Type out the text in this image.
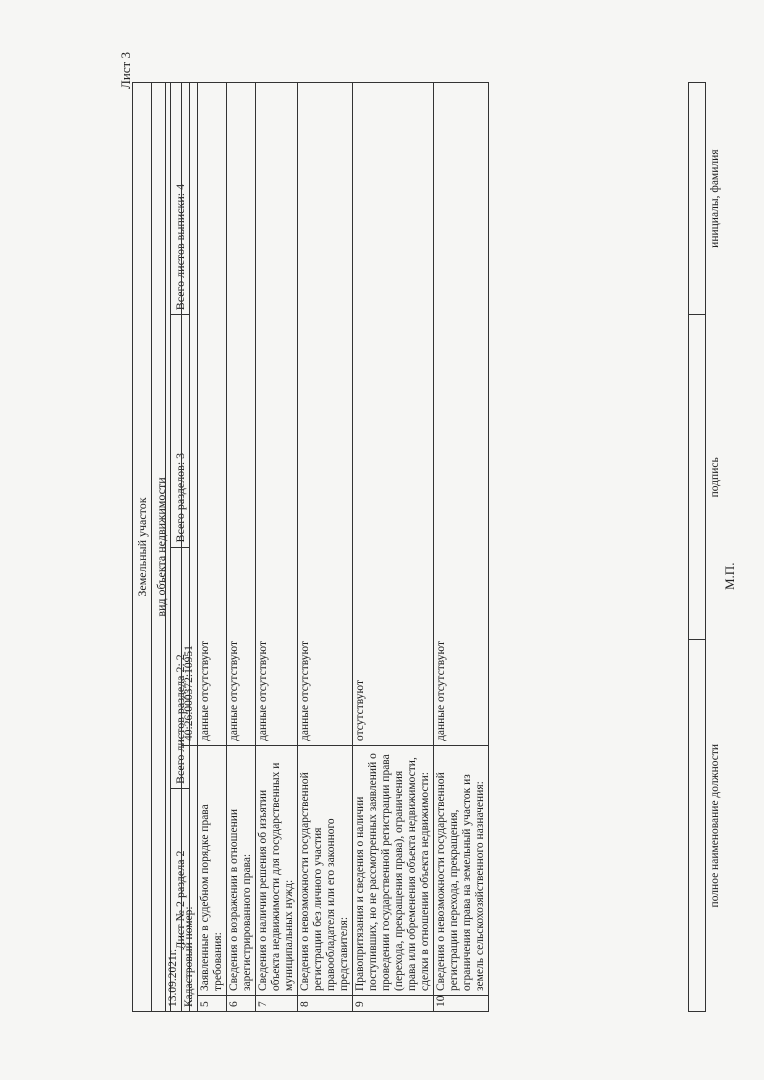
Лист 3
Земельный участок
вид объекта недвижимости
Лист № 2 раздела 2	Всего листов раздела 2: 2	Всего разделов: 3	Всего листов выписки: 4
13.09.2021г.		
Кадастровый номер:		40:26:000372:10951
5	Заявленные в судебном порядке права требования:	данные отсутствуют
6	Сведения о возражении в отношении зарегистрированного права:	данные отсутствуют
7	Сведения о наличии решения об изъятии объекта недвижимости для государственных и муниципальных нужд:	данные отсутствуют
8	Сведения о невозможности государственной регистрации без личного участия правообладателя или его законного представителя:	данные отсутствуют
9	Правопритязания и сведения о наличии поступивших, но не рассмотренных заявлений о проведении государственной регистрации права (перехода, прекращения права), ограничения права или обременения объекта недвижимости, сделки в отношении объекта недвижимости:	отсутствуют
10	Сведения о невозможности государственной регистрации перехода, прекращения, ограничения права на земельный участок из земель сельскохозяйственного назначения:	данные отсутствуют

полное наименование должности	подпись	инициалы, фамилия
М.П.
